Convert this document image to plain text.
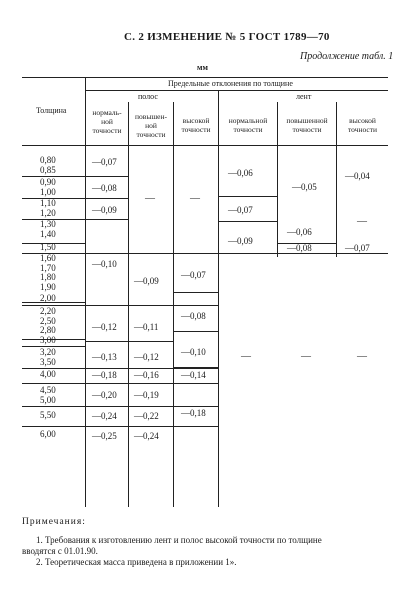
С. 2 ИЗМЕНЕНИЕ № 5 ГОСТ 1789—70
Продолжение табл. 1
мм
Предельные отклонения по толщине
Толщина
полос	лент
нормаль-
ной
точности
повышен-
ной
точности
высокой
точности
нормальной
точности
повышенной
точности
высокой
точности
0,80
0,85
0,90
1,00
1,10
1,20
1,30
1,40
1,50
1,60
1,70
1,80
1,90
2,00
2,20
2,50
2,80
3,00
3,20
3,50
4,00
4,50
5,00
5,50
6,00
—0,07
—0,08
—0,09
—0,10
—0,12
—0,13
—0,18
—0,20
—0,24
—0,25
—
—0,09
—0,11
—0,12
—0,16
—0,19
—0,22
—0,24
—
—0,07
—0,08
—0,10
—0,14
—0,18
—0,06
—0,07
—0,09
—
—0,05
—0,06
—0,08
—
—0,04
—
—0,07
—
Примечания:
1. Требования к изготовлению лент и полос высокой точности по толщине
вводятся с 01.01.90.
2. Теоретическая масса приведена в приложении 1».
